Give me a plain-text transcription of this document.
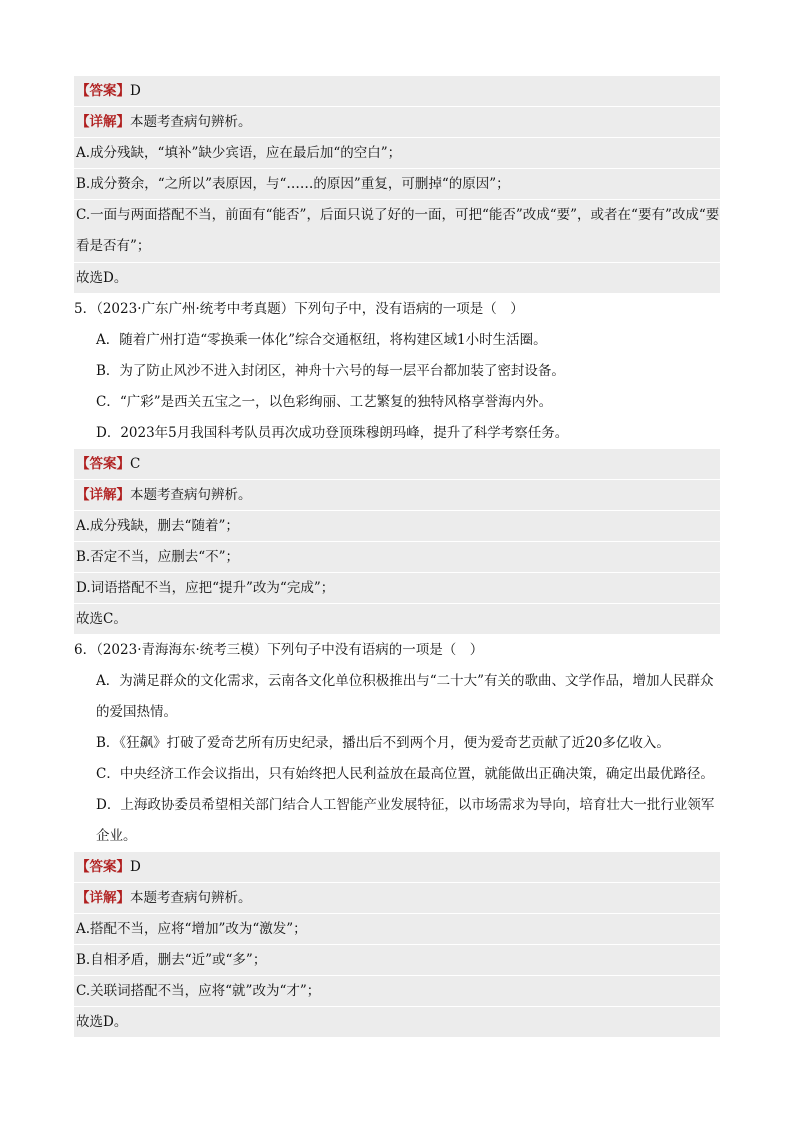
【答案】D
【详解】本题考查病句辨析。
A.成分残缺，“填补”缺少宾语，应在最后加“的空白”；
B.成分赘余，“之所以”表原因，与“……的原因”重复，可删掉“的原因”；
C.一面与两面搭配不当，前面有“能否”，后面只说了好的一面，可把“能否”改成“要”，或者在“要有”改成“要看是否有”；
故选D。
5．（2023·广东广州·统考中考真题）下列句子中，没有语病的一项是（　）
A．随着广州打造“零换乘一体化”综合交通枢纽，将构建区域1小时生活圈。
B．为了防止风沙不进入封闭区，神舟十六号的每一层平台都加装了密封设备。
C．“广彩”是西关五宝之一，以色彩绚丽、工艺繁复的独特风格享誉海内外。
D．2023年5月我国科考队员再次成功登顶珠穆朗玛峰，提升了科学考察任务。
【答案】C
【详解】本题考查病句辨析。
A.成分残缺，删去“随着”；
B.否定不当，应删去“不”；
D.词语搭配不当，应把“提升”改为“完成”；
故选C。
6．（2023·青海海东·统考三模）下列句子中没有语病的一项是（　）
A．为满足群众的文化需求，云南各文化单位积极推出与“二十大”有关的歌曲、文学作品，增加人民群众的爱国热情。
B．《狂飙》打破了爱奇艺所有历史纪录，播出后不到两个月，便为爱奇艺贡献了近20多亿收入。
C．中央经济工作会议指出，只有始终把人民利益放在最高位置，就能做出正确决策，确定出最优路径。
D．上海政协委员希望相关部门结合人工智能产业发展特征，以市场需求为导向，培育壮大一批行业领军企业。
【答案】D
【详解】本题考查病句辨析。
A.搭配不当，应将“增加”改为“激发”；
B.自相矛盾，删去“近”或“多”；
C.关联词搭配不当，应将“就”改为“才”；
故选D。
